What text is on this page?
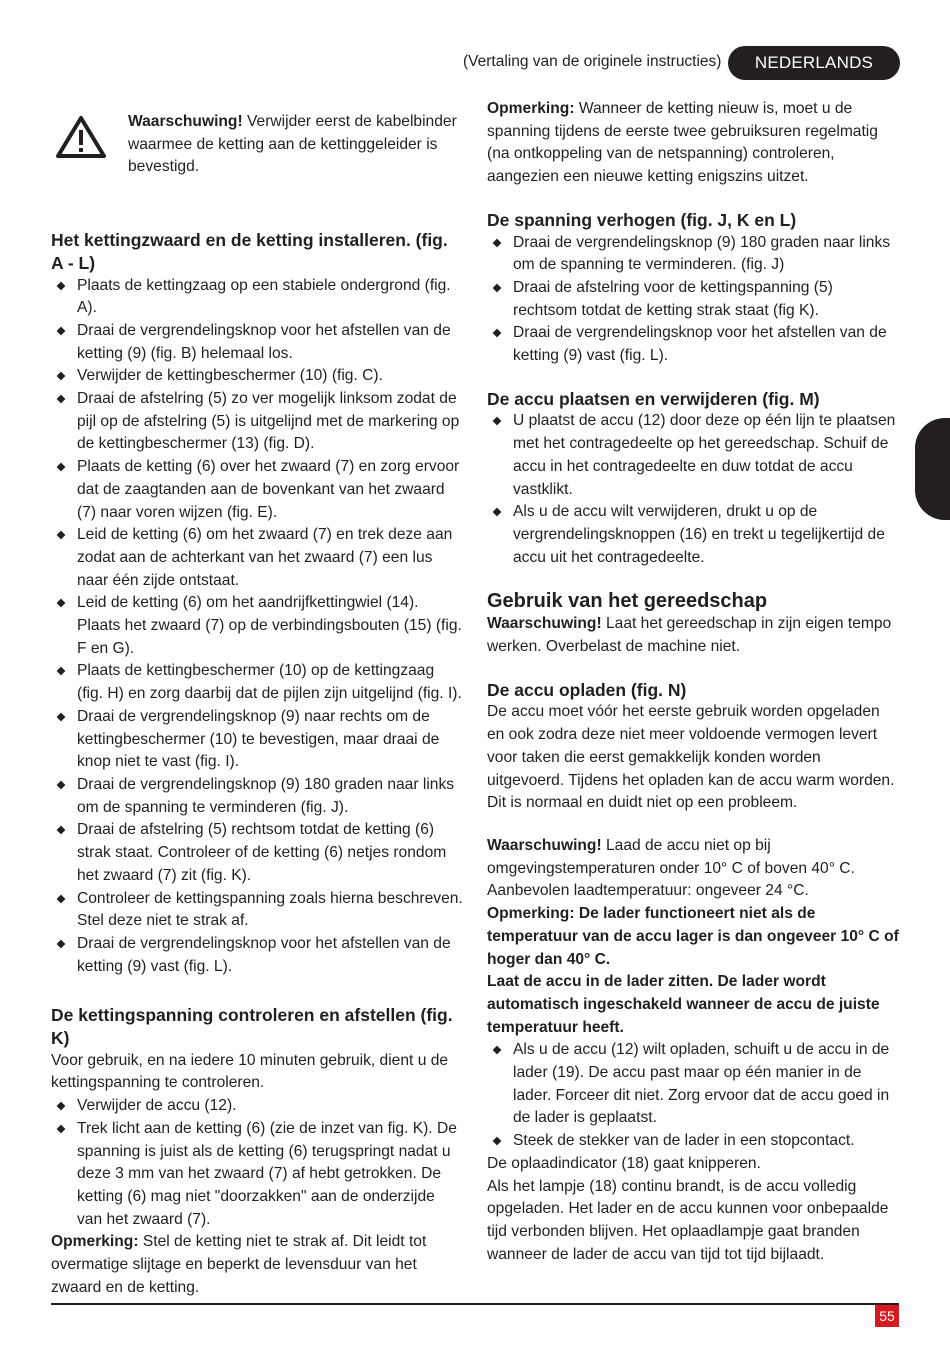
(Vertaling van de originele instructies) NEDERLANDS
Waarschuwing! Verwijder eerst de kabelbinder waarmee de ketting aan de kettinggeleider is bevestigd.
Het kettingzwaard en de ketting installeren. (fig. A - L)
Plaats de kettingzaag op een stabiele ondergrond (fig. A).
Draai de vergrendelingsknop voor het afstellen van de ketting (9) (fig. B) helemaal los.
Verwijder de kettingbeschermer (10) (fig. C).
Draai de afstelring (5) zo ver mogelijk linksom zodat de pijl op de afstelring (5) is uitgelijnd met de markering op de kettingbeschermer (13) (fig. D).
Plaats de ketting (6) over het zwaard (7) en zorg ervoor dat de zaagtanden aan de bovenkant van het zwaard (7) naar voren wijzen (fig. E).
Leid de ketting (6) om het zwaard (7) en trek deze aan zodat aan de achterkant van het zwaard (7) een lus naar één zijde ontstaat.
Leid de ketting (6) om het aandrijfkettingwiel (14). Plaats het zwaard (7) op de verbindingsbouten (15) (fig. F en G).
Plaats de kettingbeschermer (10) op de kettingzaag (fig. H) en zorg daarbij dat de pijlen zijn uitgelijnd (fig. I).
Draai de vergrendelingsknop (9) naar rechts om de kettingbeschermer (10) te bevestigen, maar draai de knop niet te vast (fig. I).
Draai de vergrendelingsknop (9) 180 graden naar links om de spanning te verminderen (fig. J).
Draai de afstelring (5) rechtsom totdat de ketting (6) strak staat. Controleer of de ketting (6) netjes rondom het zwaard (7) zit (fig. K).
Controleer de kettingspanning zoals hierna beschreven. Stel deze niet te strak af.
Draai de vergrendelingsknop voor het afstellen van de ketting (9) vast (fig. L).
De kettingspanning controleren en afstellen (fig. K)

Voor gebruik, en na iedere 10 minuten gebruik, dient u de kettingspanning te controleren.

Verwijder de accu (12).
Trek licht aan de ketting (6) (zie de inzet van fig. K). De spanning is juist als de ketting (6) terugspringt nadat u deze 3 mm van het zwaard (7) af hebt getrokken. De ketting (6) mag niet "doorzakken" aan de onderzijde van het zwaard (7).

Opmerking: Stel de ketting niet te strak af. Dit leidt tot overmatige slijtage en beperkt de levensduur van het zwaard en de ketting.

Opmerking: Wanneer de ketting nieuw is, moet u de spanning tijdens de eerste twee gebruiksuren regelmatig (na ontkoppeling van de netspanning) controleren, aangezien een nieuwe ketting enigszins uitzet.

De spanning verhogen (fig. J, K en L)
Draai de vergrendelingsknop (9) 180 graden naar links om de spanning te verminderen. (fig. J)
Draai de afstelring voor de kettingspanning (5) rechtsom totdat de ketting strak staat (fig K).
Draai de vergrendelingsknop voor het afstellen van de ketting (9) vast (fig. L).
De accu plaatsen en verwijderen (fig. M)
U plaatst de accu (12) door deze op één lijn te plaatsen met het contragedeelte op het gereedschap. Schuif de accu in het contragedeelte en duw totdat de accu vastklikt.
Als u de accu wilt verwijderen, drukt u op de vergrendelingsknoppen (16) en trekt u tegelijkertijd de accu uit het contragedeelte.
Gebruik van het gereedschap

Waarschuwing! Laat het gereedschap in zijn eigen tempo werken. Overbelast de machine niet.

De accu opladen (fig. N)

De accu moet vóór het eerste gebruik worden opgeladen en ook zodra deze niet meer voldoende vermogen levert voor taken die eerst gemakkelijk konden worden uitgevoerd. Tijdens het opladen kan de accu warm worden. Dit is normaal en duidt niet op een probleem.

Waarschuwing! Laad de accu niet op bij omgevingstemperaturen onder 10° C of boven 40° C. Aanbevolen laadtemperatuur: ongeveer 24 °C.

Opmerking: De lader functioneert niet als de temperatuur van de accu lager is dan ongeveer 10° C of hoger dan 40° C.

Laat de accu in de lader zitten. De lader wordt automatisch ingeschakeld wanneer de accu de juiste temperatuur heeft.

Als u de accu (12) wilt opladen, schuift u de accu in de lader (19). De accu past maar op één manier in de lader. Forceer dit niet. Zorg ervoor dat de accu goed in de lader is geplaatst.
Steek de stekker van de lader in een stopcontact.

De oplaadindicator (18) gaat knipperen.

Als het lampje (18) continu brandt, is de accu volledig opgeladen. Het lader en de accu kunnen voor onbepaalde tijd verbonden blijven. Het oplaadlampje gaat branden wanneer de lader de accu van tijd tot tijd bijlaadt.

55
